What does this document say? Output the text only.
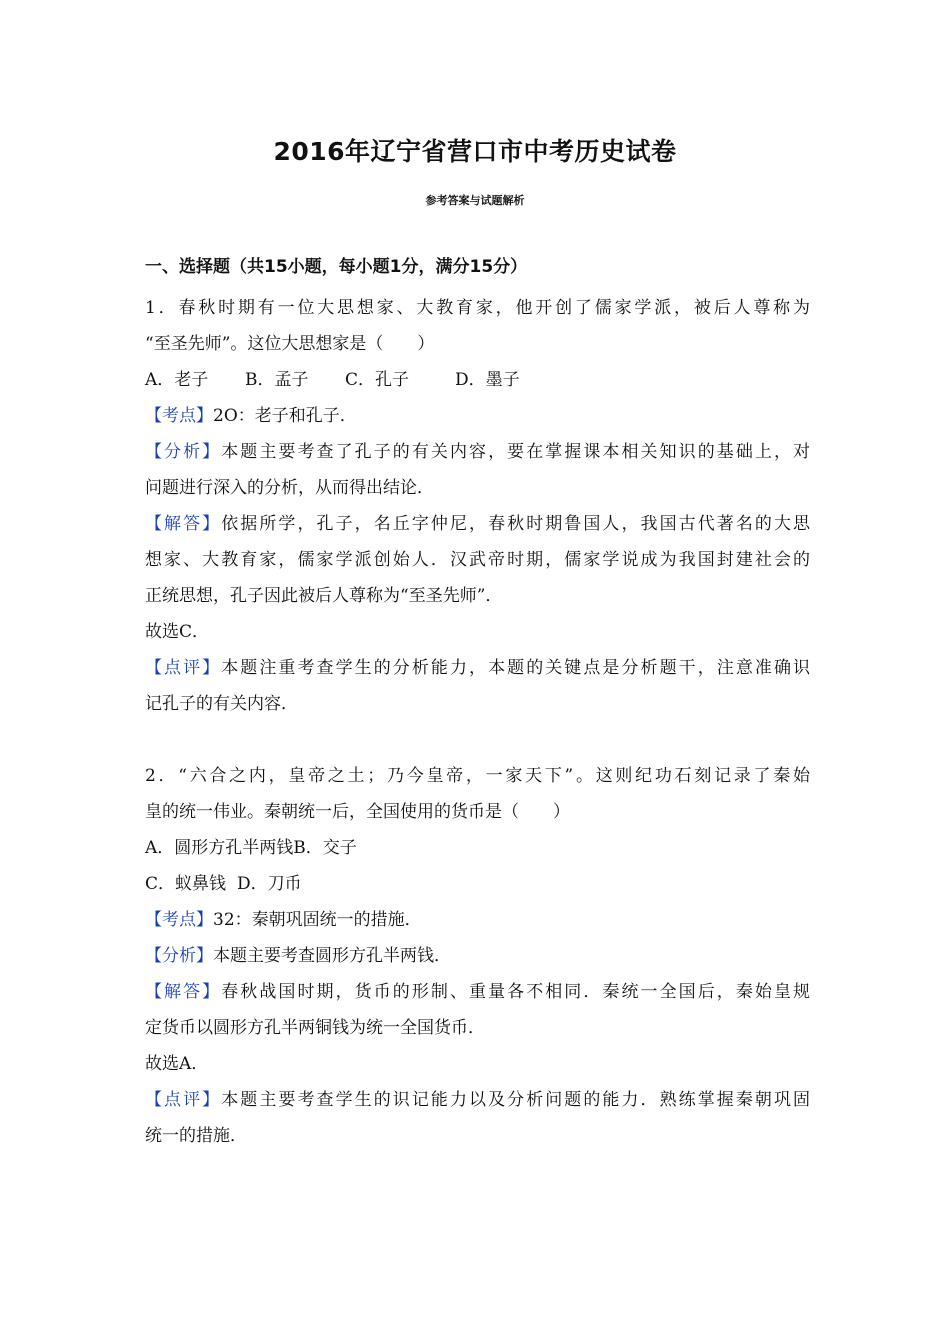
2016年辽宁省营口市中考历史试卷
参考答案与试题解析
一、选择题（共15小题，每小题1分，满分15分）
1．春秋时期有一位大思想家、大教育家，他开创了儒家学派，被后人尊称为
“至圣先师”。这位大思想家是（　　）
A．老子 B．孟子 C．孔子	D．墨子
【考点】2O：老子和孔子．
【分析】本题主要考查了孔子的有关内容，要在掌握课本相关知识的基础上，对
问题进行深入的分析，从而得出结论．
【解答】依据所学，孔子，名丘字仲尼，春秋时期鲁国人，我国古代著名的大思
想家、大教育家，儒家学派创始人．汉武帝时期，儒家学说成为我国封建社会的
正统思想，孔子因此被后人尊称为“至圣先师”．
故选C．
【点评】本题注重考查学生的分析能力，本题的关键点是分析题干，注意准确识
记孔子的有关内容．
2．“六合之内，皇帝之土；乃今皇帝，一家天下”。这则纪功石刻记录了秦始
皇的统一伟业。秦朝统一后，全国使用的货币是（　　）
A．圆形方孔半两钱B．交子
C．蚁鼻钱 D．刀币
【考点】32：秦朝巩固统一的措施．
【分析】本题主要考查圆形方孔半两钱．
【解答】春秋战国时期，货币的形制、重量各不相同．秦统一全国后，秦始皇规
定货币以圆形方孔半两铜钱为统一全国货币．
故选A．
【点评】本题主要考查学生的识记能力以及分析问题的能力．熟练掌握秦朝巩固
统一的措施．
